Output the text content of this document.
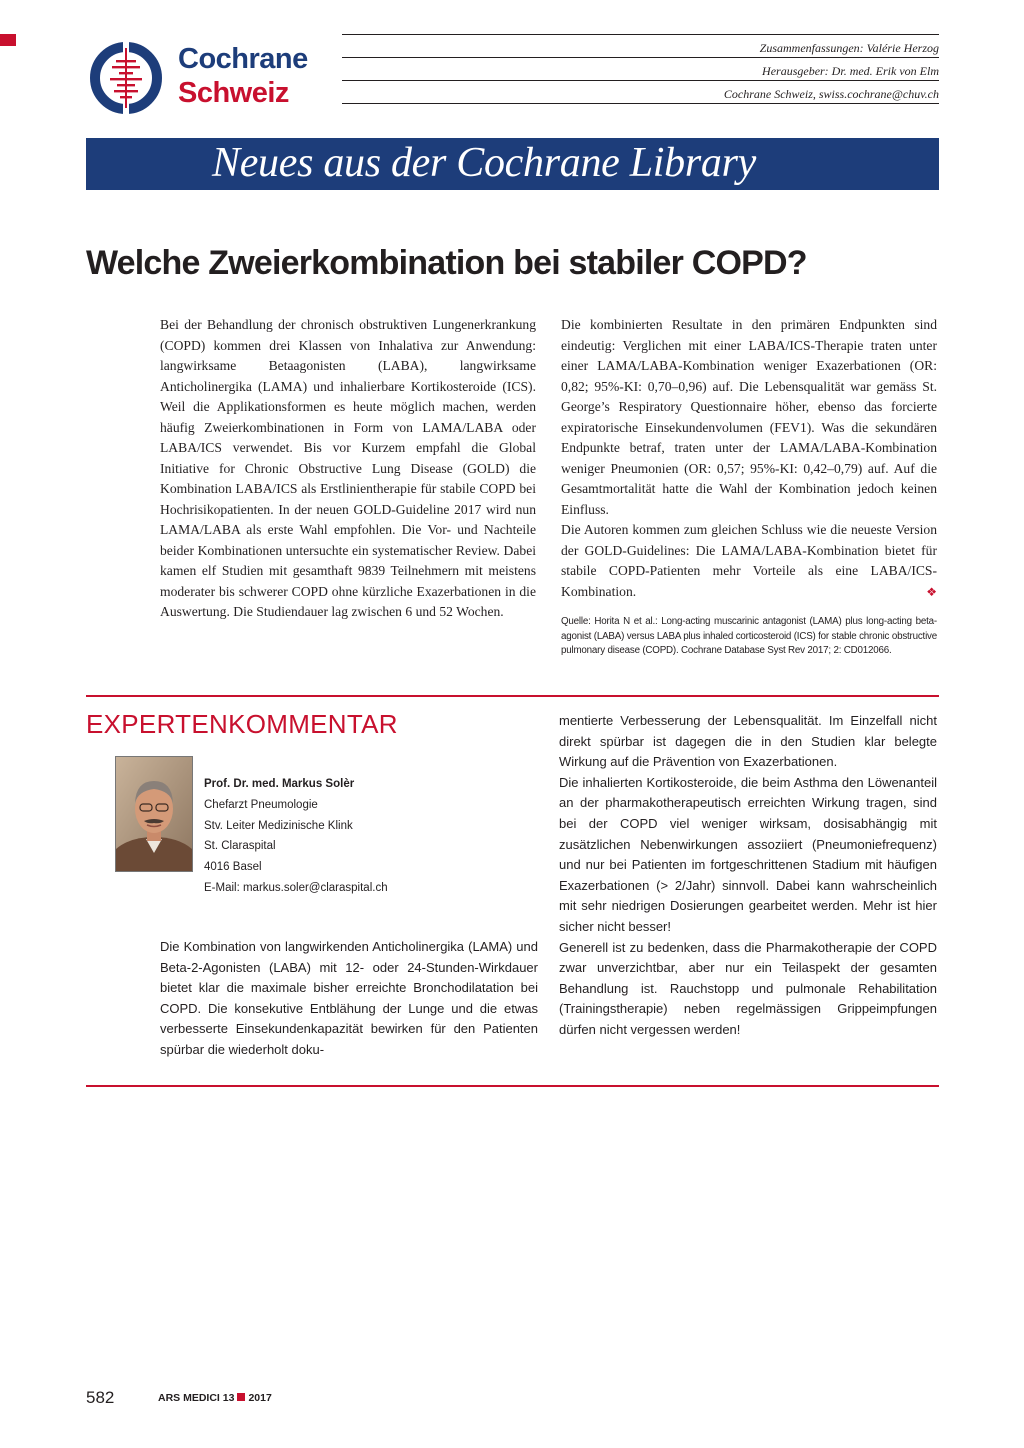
Cochrane
Schweiz
Zusammenfassungen: Valérie Herzog
Herausgeber: Dr. med. Erik von Elm
Cochrane Schweiz, swiss.cochrane@chuv.ch
Neues aus der Cochrane Library
Welche Zweierkombination bei stabiler COPD?

Bei der Behandlung der chronisch obstruktiven Lungenerkrankung (COPD) kommen drei Klassen von Inhalativa zur Anwendung: langwirksame Betaagonisten (LABA), langwirksame Anticholinergika (LAMA) und inhalierbare Kortikosteroide (ICS). Weil die Applikationsformen es heute möglich machen, werden häufig Zweierkombinationen in Form von LAMA/LABA oder LABA/ICS verwendet. Bis vor Kurzem empfahl die Global Initiative for Chronic Obstructive Lung Disease (GOLD) die Kombination LABA/ICS als Erstlinientherapie für stabile COPD bei Hochrisikopatienten. In der neuen GOLD-Guideline 2017 wird nun LAMA/LABA als erste Wahl empfohlen. Die Vor- und Nachteile beider Kombinationen untersuchte ein systematischer Review. Dabei kamen elf Studien mit gesamthaft 9839 Teilnehmern mit meistens moderater bis schwerer COPD ohne kürzliche Exazerbationen in die Auswertung. Die Studiendauer lag zwischen 6 und 52 Wochen.

Die kombinierten Resultate in den primären Endpunkten sind eindeutig: Verglichen mit einer LABA/ICS-Therapie traten unter einer LAMA/LABA-Kombination weniger Exazerbationen (OR: 0,82; 95%-KI: 0,70–0,96) auf. Die Lebensqualität war gemäss St. George’s Respiratory Questionnaire höher, ebenso das forcierte expiratorische Einsekundenvolumen (FEV1). Was die sekundären Endpunkte betraf, traten unter der LAMA/LABA-Kombination weniger Pneumonien (OR: 0,57; 95%-KI: 0,42–0,79) auf. Auf die Gesamtmortalität hatte die Wahl der Kombination jedoch keinen Einfluss.

Die Autoren kommen zum gleichen Schluss wie die neueste Version der GOLD-Guidelines: Die LAMA/LABA-Kombination bietet für stabile COPD-Patienten mehr Vorteile als eine LABA/ICS-Kombination.	❖

Quelle: Horita N et al.: Long-acting muscarinic antagonist (LAMA) plus long-acting beta-agonist (LABA) versus LABA plus inhaled corticosteroid (ICS) for stable chronic obstructive pulmonary disease (COPD). Cochrane Database Syst Rev 2017; 2: CD012066.

EXPERTENKOMMENTAR
Prof. Dr. med. Markus Solèr
Chefarzt Pneumologie
Stv. Leiter Medizinische Klink
St. Claraspital
4016 Basel
E-Mail: markus.soler@claraspital.ch

Die Kombination von langwirkenden Anticholinergika (LAMA) und Beta-2-Agonisten (LABA) mit 12- oder 24-Stunden-Wirkdauer bietet klar die maximale bisher erreichte Bronchodilatation bei COPD. Die konsekutive Entblähung der Lunge und die etwas verbesserte Einsekundenkapazität bewirken für den Patienten spürbar die wiederholt doku-

mentierte Verbesserung der Lebensqualität. Im Einzelfall nicht direkt spürbar ist dagegen die in den Studien klar belegte Wirkung auf die Prävention von Exazerbationen.

Die inhalierten Kortikosteroide, die beim Asthma den Löwenanteil an der pharmakotherapeutisch erreichten Wirkung tragen, sind bei der COPD viel weniger wirksam, dosisabhängig mit zusätzlichen Nebenwirkungen assoziiert (Pneumoniefrequenz) und nur bei Patienten im fortgeschrittenen Stadium mit häufigen Exazerbationen (> 2/Jahr) sinnvoll. Dabei kann wahrscheinlich mit sehr niedrigen Dosierungen gearbeitet werden. Mehr ist hier sicher nicht besser!

Generell ist zu bedenken, dass die Pharmakotherapie der COPD zwar unverzichtbar, aber nur ein Teilaspekt der gesamten Behandlung ist. Rauchstopp und pulmonale Rehabilitation (Trainingstherapie) neben regelmässigen Grippeimpfungen dürfen nicht vergessen werden!

582	ARS MEDICI 13 2017
